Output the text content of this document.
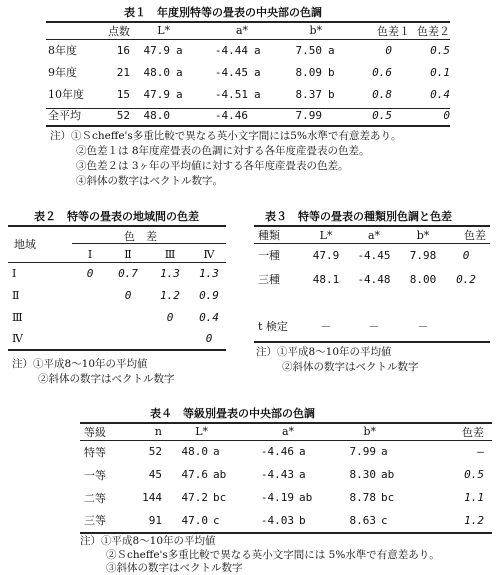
表１　年度別特等の畳表の中央部の色調
	点数	L*		a*		b*		色差１	色差２
8年度	16	47.9	a	-4.44	a	7.50	a	0	0.5
9年度	21	48.0	a	-4.45	a	8.09	b	0.6	0.1
10年度	15	47.9	a	-4.51	a	8.37	b	0.8	0.4
全平均	52	48.0		-4.46		7.99		0.5	0
注）①Ｓcheffe's多重比較で異なる英小文字間には5%水準で有意差あり。
②色差１は 8年度産畳表の色調に対する各年度産畳表の色差。
③色差２は 3ヶ年の平均値に対する各年度産畳表の色差。
④斜体の数字はベクトル数字。
表２　特等の畳表の地域間の色差
地域
色　差
	Ⅰ	Ⅱ	Ⅲ	Ⅳ
Ⅰ	0	0.7	1.3	1.3
Ⅱ		0	1.2	0.9
Ⅲ			0	0.4
Ⅳ				0
注）①平成8～10年の平均値
②斜体の数字はベクトル数字
表３　特等の畳表の種類別色調と色差
種類	L*	a*	b*	色差
一種	47.9	-4.45	7.98	0
三種	48.1	-4.48	8.00	0.2

t 検定	－	－	－	
注）①平成8～10年の平均値
②斜体の数字はベクトル数字
表４　等級別畳表の中央部の色調
等級	n	L*		a*		b*		色差
特等	52	48.0	a	-4.46	a	7.99	a	―
一等	45	47.6	ab	-4.43	a	8.30	ab	0.5
二等	144	47.2	bc	-4.19	ab	8.78	bc	1.1
三等	91	47.0	c	-4.03	b	8.63	c	1.2
注）①平成8～10年の平均値
②Ｓcheffe's多重比較で異なる英小文字間には 5%水準で有意差あり。
③斜体の数字はベクトル数字
